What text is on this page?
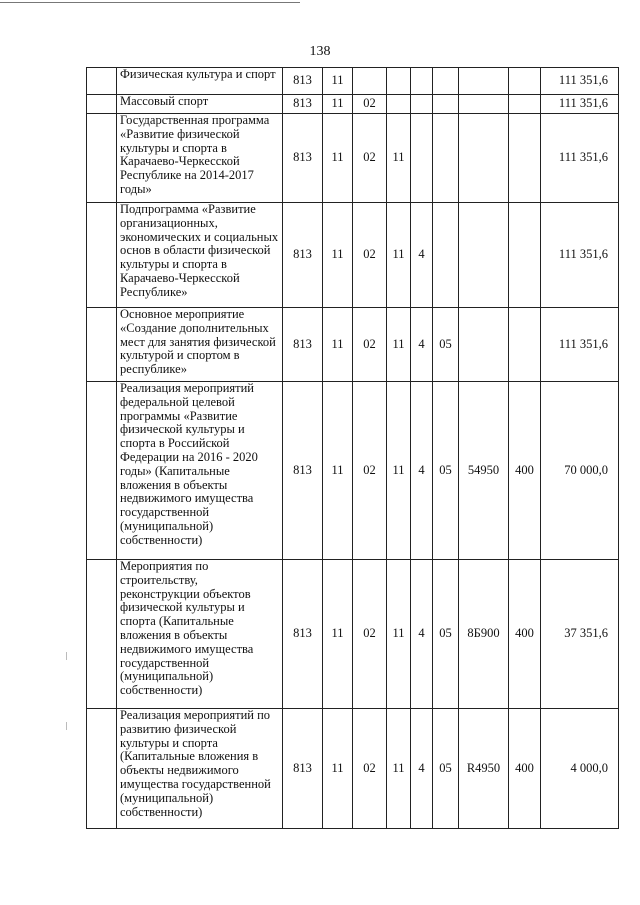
138
	Физическая культура и спорт	813	11							111 351,6
	Массовый спорт	813	11	02						111 351,6
	Государственная программа «Развитие физической культуры и спорта в Карачаево-Черкесской Республике на 2014-2017 годы»	813	11	02	11					111 351,6
	Подпрограмма «Развитие организационных, экономических и социальных основ в области физической культуры и спорта в Карачаево-Черкесской Республике»	813	11	02	11	4				111 351,6
	Основное мероприятие «Создание дополнительных мест для занятия физической культурой и спортом в республике»	813	11	02	11	4	05			111 351,6
	Реализация мероприятий федеральной целевой программы «Развитие физической культуры и спорта в Российской Федерации на 2016 - 2020 годы» (Капитальные вложения в объекты недвижимого имущества государственной (муниципальной) собственности)	813	11	02	11	4	05	54950	400	70 000,0
	Мероприятия по строительству, реконструкции объектов физической культуры и спорта (Капитальные вложения в объекты недвижимого имущества государственной (муниципальной) собственности)	813	11	02	11	4	05	8Б900	400	37 351,6
	Реализация мероприятий по развитию физической культуры и спорта (Капитальные вложения в объекты недвижимого имущества государственной (муниципальной) собственности)	813	11	02	11	4	05	R4950	400	4 000,0
